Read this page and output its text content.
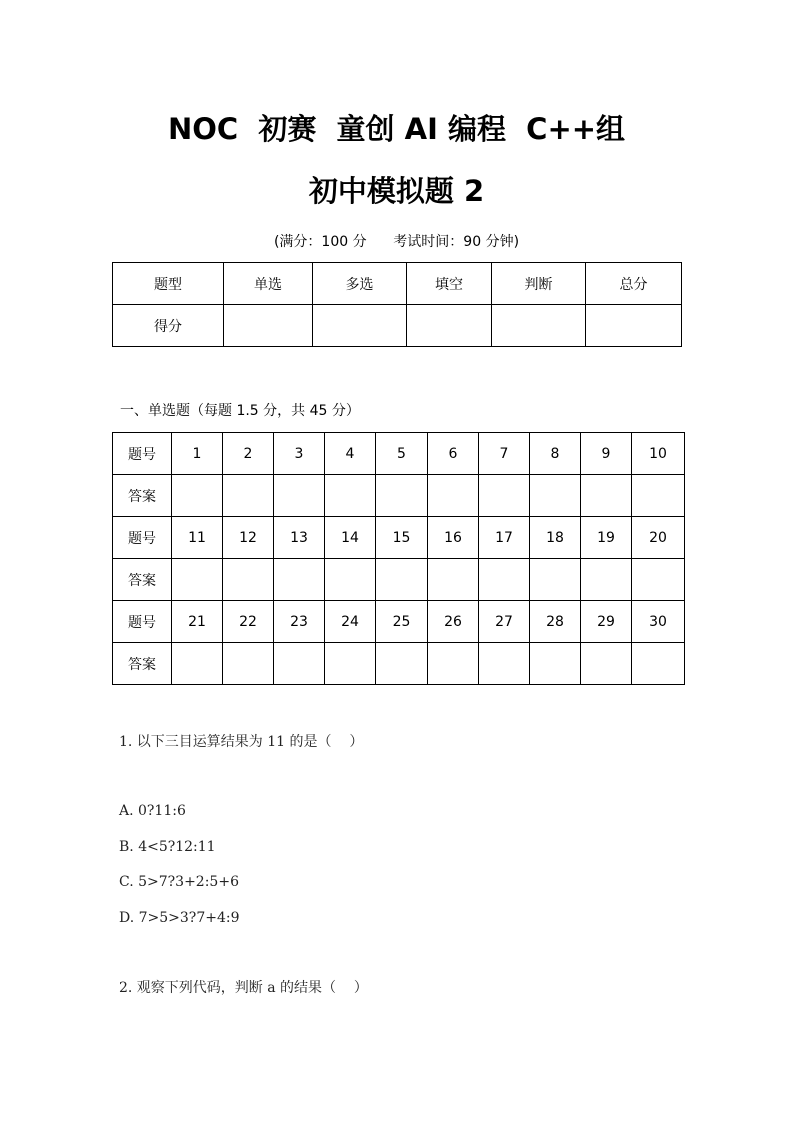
NOC  初赛  童创 AI 编程  C++组
初中模拟题 2
(满分：100 分      考试时间：90 分钟)
题型	单选	多选	填空	判断	总分
得分					
一、单选题（每题 1.5 分，共 45 分）
题号	1	2	3	4	5	6	7	8	9	10
答案										
题号	11	12	13	14	15	16	17	18	19	20
答案										
题号	21	22	23	24	25	26	27	28	29	30
答案										
1. 以下三目运算结果为 11 的是（    ）
A. 0?11:6
B. 4<5?12:11
C. 5>7?3+2:5+6
D. 7>5>3?7+4:9
2. 观察下列代码，判断 a 的结果（    ）
